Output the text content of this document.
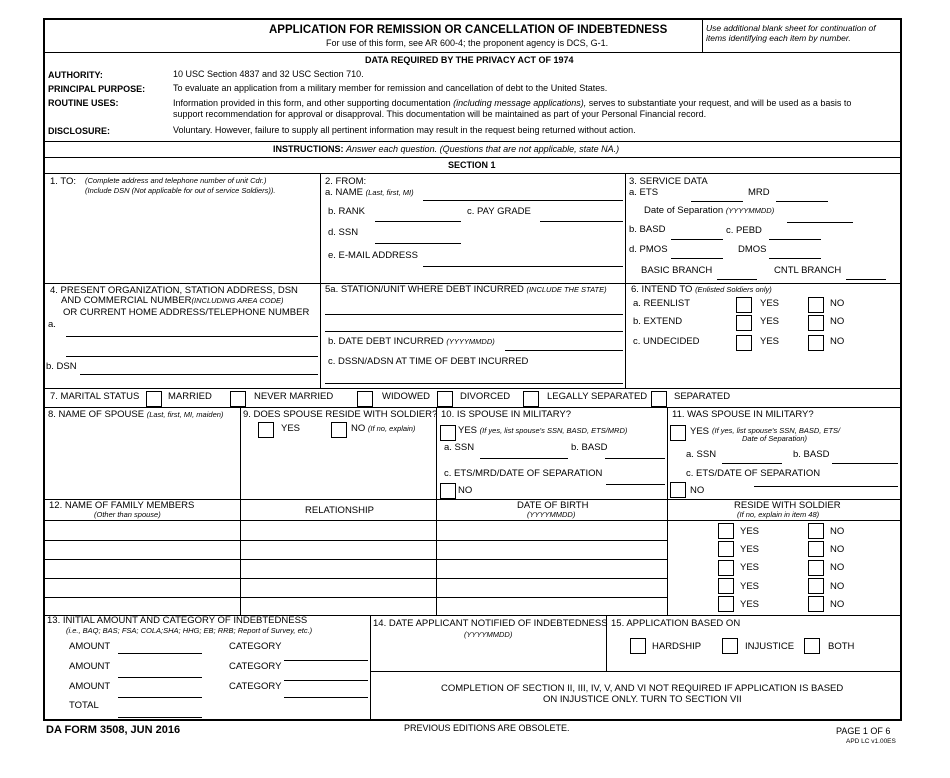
APPLICATION FOR REMISSION OR CANCELLATION OF INDEBTEDNESS
For use of this form, see AR 600-4; the proponent agency is DCS, G-1.
Use additional blank sheet for continuation of items identifying each item by number.
DATA REQUIRED BY THE PRIVACY ACT OF 1974
AUTHORITY:	10 USC Section 4837 and 32 USC Section 710.
PRINCIPAL PURPOSE:	To evaluate an application from a military member for remission and cancellation of debt to the United States.
ROUTINE USES:	Information provided in this form, and other supporting documentation (including message applications), serves to substantiate your request, and will be used as a basis to
support recommendation for approval or disapproval. This documentation will be maintained as part of your Personal Financial record.
DISCLOSURE:	Voluntary. However, failure to supply all pertinent information may result in the request being returned without action.
INSTRUCTIONS: Answer each question. (Questions that are not applicable, state NA.)
SECTION 1
1. TO: (Complete address and telephone number of unit Cdr.)
(Include DSN (Not applicable for out of service Soldiers)).
2. FROM:
a. NAME (Last, first, MI)
b. RANK	c. PAY GRADE
d. SSN
e. E-MAIL ADDRESS
3. SERVICE DATA
a. ETS	MRD
Date of Separation (YYYYMMDD)
b. BASD	c. PEBD
d. PMOS	DMOS
BASIC BRANCH	CNTL BRANCH
4. PRESENT ORGANIZATION, STATION ADDRESS, DSN
AND COMMERCIAL NUMBER(INCLUDING AREA CODE)
OR CURRENT HOME ADDRESS/TELEPHONE NUMBER
a.
b. DSN
5a. STATION/UNIT WHERE DEBT INCURRED (INCLUDE THE STATE)
b. DATE DEBT INCURRED (YYYYMMDD)
c. DSSN/ADSN AT TIME OF DEBT INCURRED
6. INTEND TO (Enlisted Soldiers only)
a. REENLIST	YES	NO
b. EXTEND	YES	NO
c. UNDECIDED	YES	NO
7. MARITAL STATUS	MARRIED	NEVER MARRIED	WIDOWED	DIVORCED	LEGALLY SEPARATED	SEPARATED
8. NAME OF SPOUSE (Last, first, MI, maiden) 9. DOES SPOUSE RESIDE WITH SOLDIER?
YES	NO (If no, explain)
10. IS SPOUSE IN MILITARY?
YES (If yes, list spouse's SSN, BASD, ETS/MRD)
a. SSN	b. BASD
c. ETS/MRD/DATE OF SEPARATION
NO
11. WAS SPOUSE IN MILITARY?
YES (If yes, list spouse's SSN, BASD, ETS/
Date of Separation)
a. SSN	b. BASD
c. ETS/DATE OF SEPARATION
NO
12. NAME OF FAMILY MEMBERS
(Other than spouse)	RELATIONSHIP	DATE OF BIRTH
(YYYYMMDD)
RESIDE WITH SOLDIER
(If no, explain in item 48)
YES	NO
YES	NO
YES	NO
YES	NO
YES	NO
13. INITIAL AMOUNT AND CATEGORY OF INDEBTEDNESS
(i.e., BAQ; BAS; FSA; COLA;SHA; HHG; EB; RRB; Report of Survey, etc.)
AMOUNT	CATEGORY
AMOUNT	CATEGORY
AMOUNT	CATEGORY
TOTAL
14. DATE APPLICANT NOTIFIED OF INDEBTEDNESS
(YYYYMMDD)
15. APPLICATION BASED ON
HARDSHIP	INJUSTICE	BOTH
COMPLETION OF SECTION II, III, IV, V, AND VI NOT REQUIRED IF APPLICATION IS BASED
ON INJUSTICE ONLY. TURN TO SECTION VII
DA FORM 3508, JUN 2016	PREVIOUS EDITIONS ARE OBSOLETE.	PAGE 1 OF 6
APD LC v1.00ES
